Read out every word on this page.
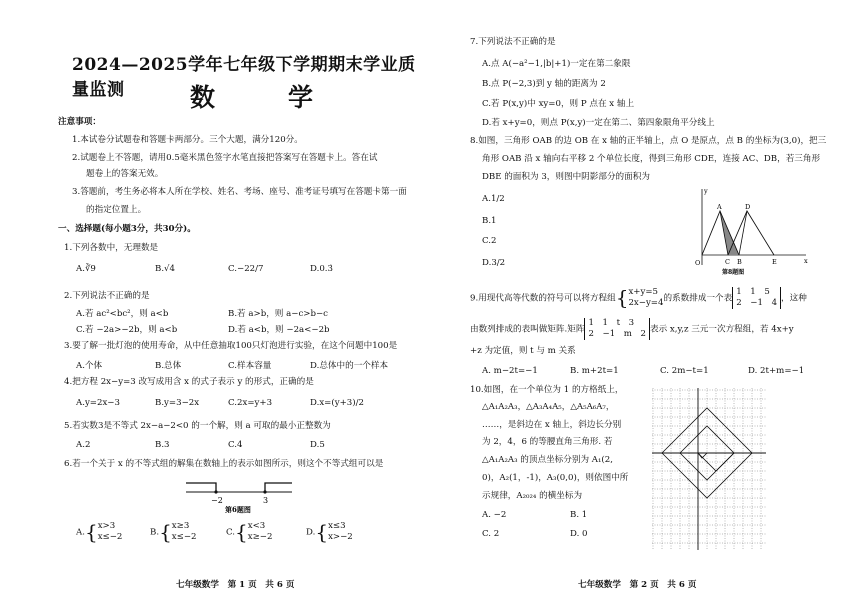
2024—2025学年七年级下学期期末学业质量监测	数　学
注意事项：
1.本试卷分试题卷和答题卡两部分。三个大题，满分120分。
2.试题卷上不答题，请用0.5毫米黑色签字水笔直接把答案写在答题卡上。答在试
题卷上的答案无效。
3.答题前，考生务必将本人所在学校、姓名、考场、座号、准考证号填写在答题卡第一面
的指定位置上。
一、选择题(每小题3分，共30分)。
1.下列各数中，无理数是
A.∛9	B.√4	C.−22/7	D.0.3̇
2.下列说法不正确的是
A.若 ac²<bc²，则 a<b	B.若 a>b，则 a−c>b−c
C.若 −2a>−2b，则 a<b	D.若 a<b，则 −2a<−2b
3.要了解一批灯泡的使用寿命，从中任意抽取100只灯泡进行实验，在这个问题中100是
A.个体	B.总体	C.样本容量	D.总体中的一个样本
4.把方程 2x−y=3 改写成用含 x 的式子表示 y 的形式，正确的是
A.y=2x−3	B.y=3−2x	C.2x=y+3	D.x=(y+3)/2
5.若实数3是不等式 2x−a−2<0 的一个解，则 a 可取的最小正整数为
A.2	B.3	C.4	D.5
6.若一个关于 x 的不等式组的解集在数轴上的表示如图所示，则这个不等式组可以是
−2	3
第6题图
A.{x>3
x≤−2	B.{x≥3
x≤−2	C.{x<3
x≥−2	D.{x≤3
x>−2
七年级数学　第 1 页　共 6 页
7.下列说法不正确的是
A.点 A(−a²−1,|b|+1)一定在第二象限
B.点 P(−2,3)到 y 轴的距离为 2
C.若 P(x,y)中 xy=0，则 P 点在 x 轴上
D.若 x+y=0，则点 P(x,y)一定在第二、第四象限角平分线上
8.如图，三角形 OAB 的边 OB 在 x 轴的正半轴上，点 O 是原点，点 B 的坐标为(3,0)，把三
角形 OAB 沿 x 轴向右平移 2 个单位长度，得到三角形 CDE，连接 AC、DB，若三角形
DBE 的面积为 3，则图中阴影部分的面积为
A.1/2
B.1
C.2
D.3/2	O
A
C B
D
E	x
y
第8题图
9.用现代高等代数的符号可以将方程组{x+y=5
2x−y=4的系数排成一个表1　1　5
2　−1　4 ，这种
由数列排成的表叫做矩阵.矩阵1　1　t　3
2　−1　m　2 表示 x,y,z 三元一次方程组，若 4x+y
+z 为定值，则 t 与 m 关系
A. m−2t=−1	B. m+2t=1	C. 2m−t=1	D. 2t+m=−1
10.如图，在一个单位为 1 的方格纸上，
△A₁A₂A₃，△A₃A₄A₅，△A₅A₆A₇，
……，是斜边在 x 轴上，斜边长分别
为 2，4，6 的等腰直角三角形. 若
△A₁A₂A₃ 的顶点坐标分别为 A₁(2,
0)，A₂(1，-1)，A₃(0,0)，则依图中所
示规律，A₂₀₂₄ 的横坐标为
A. −2	B. 1
C. 2	D. 0
七年级数学　第 2 页　共 6 页
